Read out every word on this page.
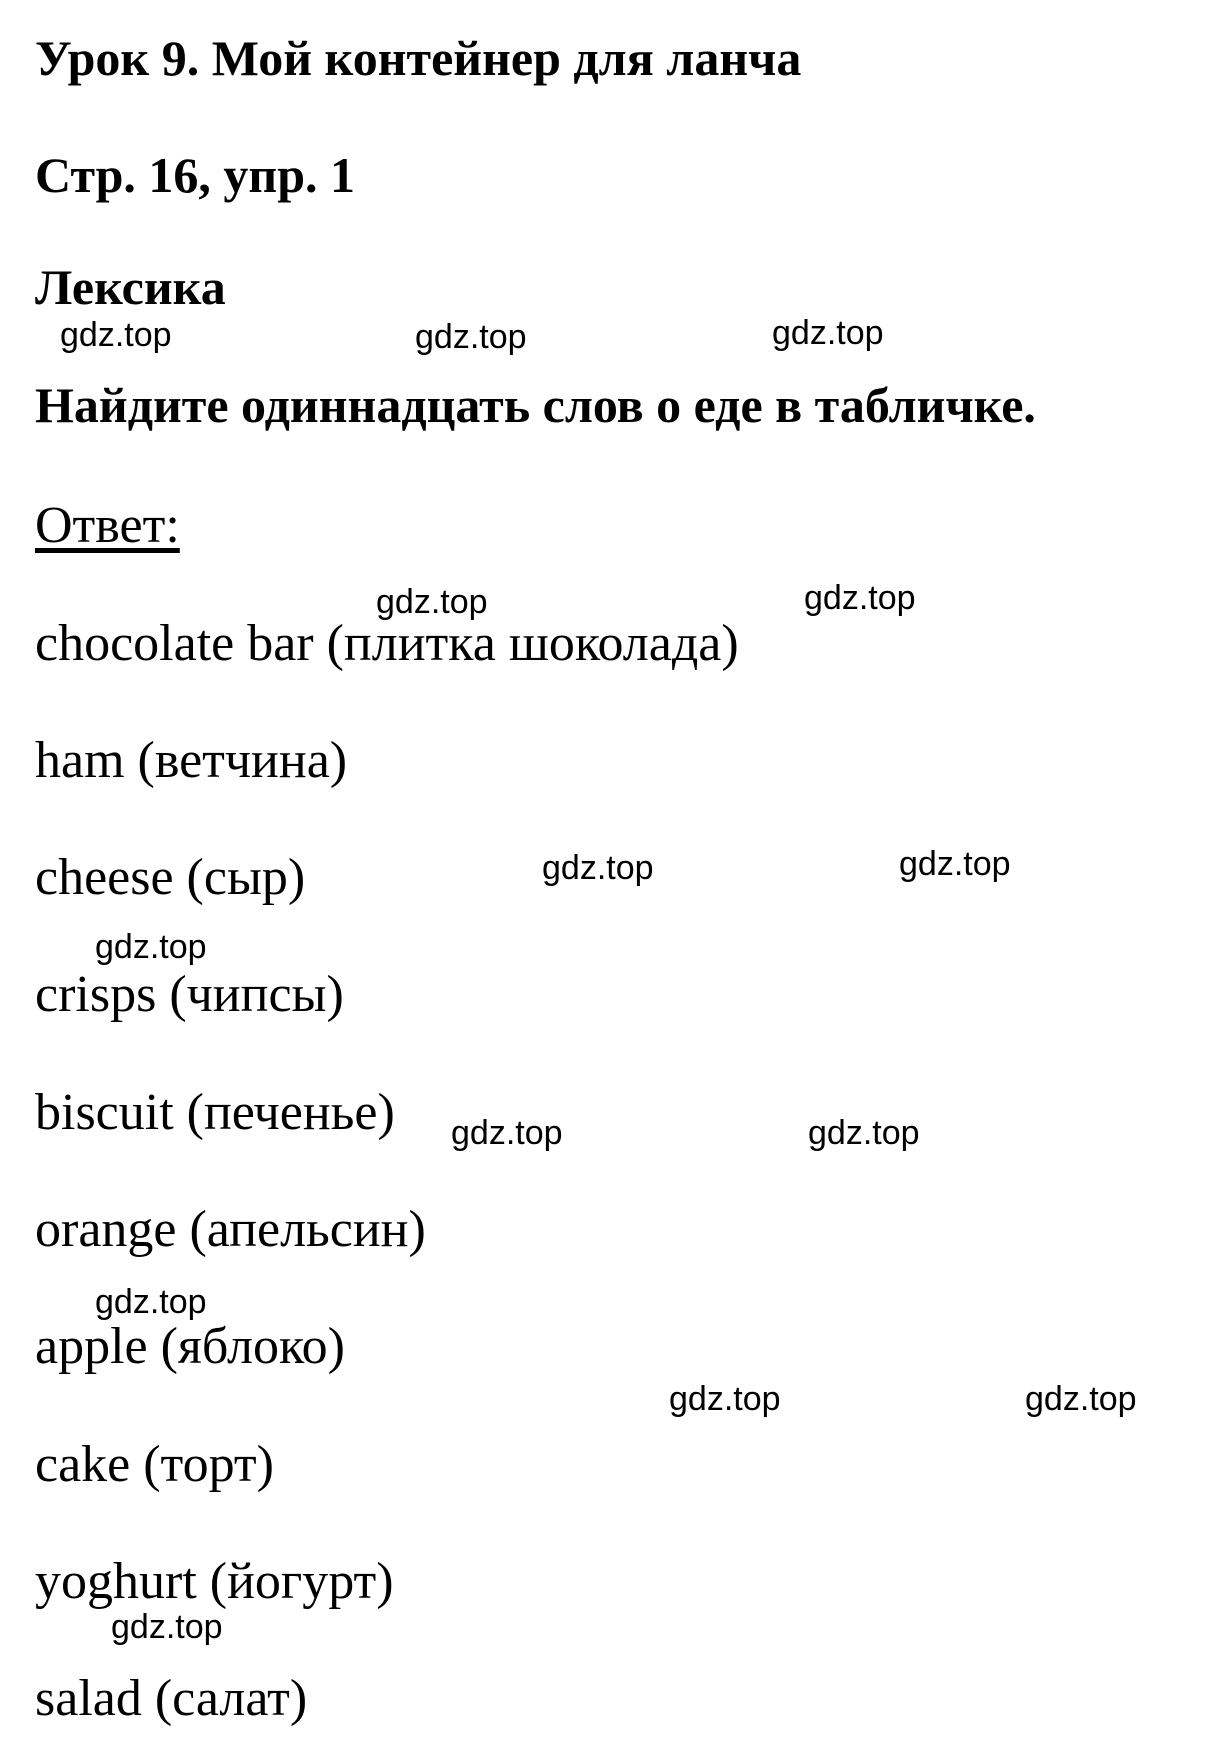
Урок 9. Мой контейнер для ланча
Стр. 16, упр. 1
Лексика
Найдите одиннадцать слов о еде в табличке.
Ответ:
chocolate bar (плитка шоколада)
ham (ветчина)
cheese (сыр)
crisps (чипсы)
biscuit (печенье)
orange (апельсин)
apple (яблоко)
cake (торт)
yoghurt (йогурт)
salad (салат)
gdz.top	gdz.top	gdz.top
gdz.top	gdz.top
gdz.top	gdz.top
gdz.top
gdz.top	gdz.top
gdz.top
gdz.top	gdz.top
gdz.top
